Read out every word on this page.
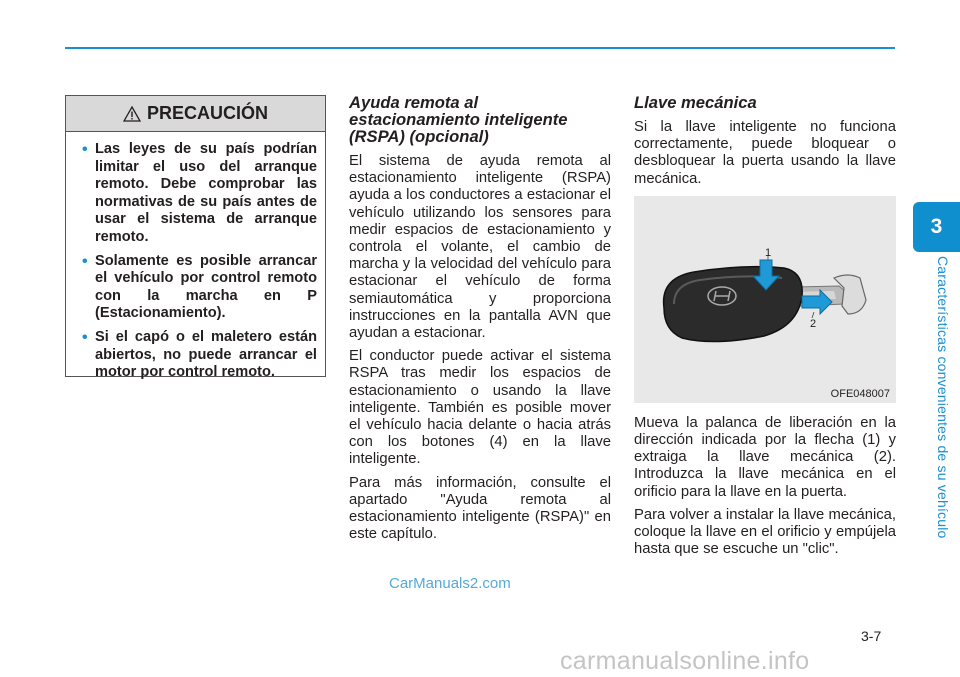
3
Características convenientes de su vehículo
PRECAUCIÓN
• Las leyes de su país podrían limitar el uso del arranque remoto. Debe comprobar las normativas de su país antes de usar el sistema de arranque remoto.
• Solamente es posible arrancar el vehículo por control remoto con la marcha en P (Estacionamiento).
• Si el capó o el maletero están abiertos, no puede arrancar el motor por control remoto.
Ayuda remota al estacionamiento inteligente (RSPA) (opcional)

El sistema de ayuda remota al estacionamiento inteligente (RSPA) ayuda a los conductores a estacionar el vehículo utilizando los sensores para medir espacios de estacionamiento y controla el volante, el cambio de marcha y la velocidad del vehículo para estacionar el vehículo de forma semiautomática y proporciona instrucciones en la pantalla AVN que ayudan a estacionar.

El conductor puede activar el sistema RSPA tras medir los espacios de estacionamiento o usando la llave inteligente. También es posible mover el vehículo hacia delante o hacia atrás con los botones (4) en la llave inteligente.

Para más información, consulte el apartado "Ayuda remota al estacionamiento inteligente (RSPA)" en este capítulo.

Llave mecánica

Si la llave inteligente no funciona correctamente, puede bloquear o desbloquear la puerta usando la llave mecánica.

1
2
OFE048007

Mueva la palanca de liberación en la dirección indicada por la flecha (1) y extraiga la llave mecánica (2). Introduzca la llave mecánica en el orificio para la llave en la puerta.

Para volver a instalar la llave mecánica, coloque la llave en el orificio y empújela hasta que se escuche un "clic".

CarManuals2.com
3-7
carmanualsonline.info
